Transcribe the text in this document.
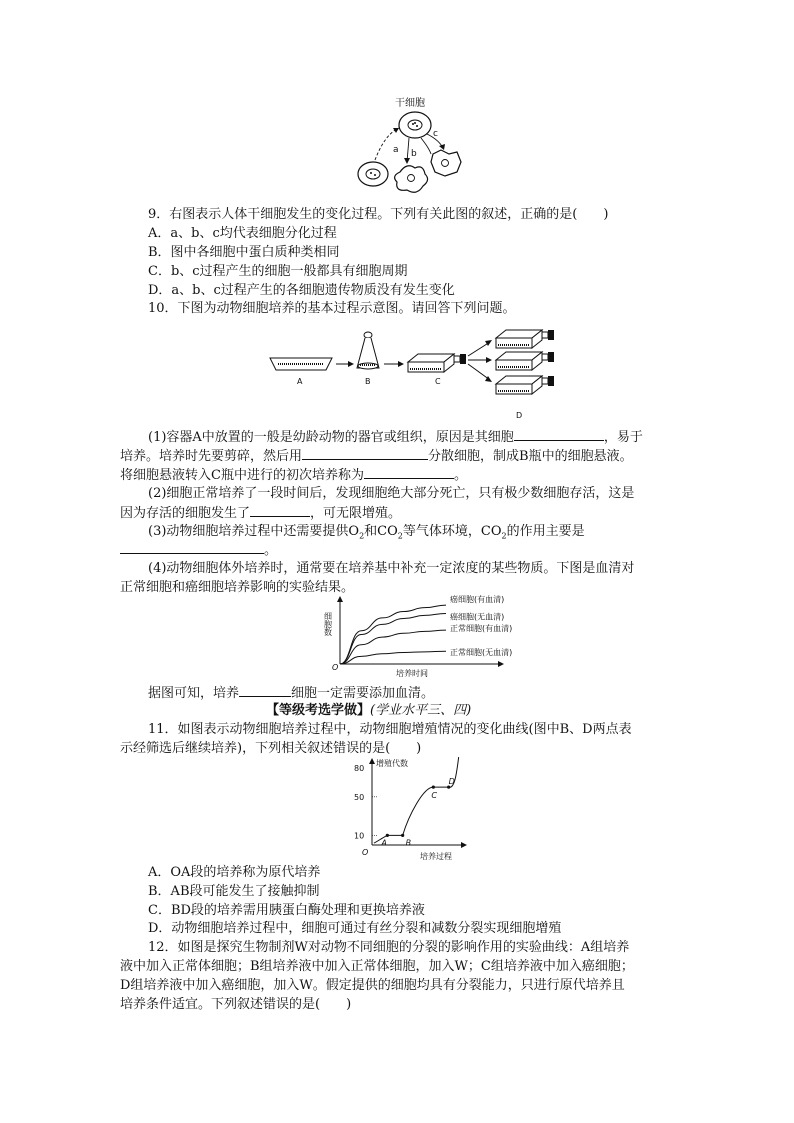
干细胞
a b
c
9．右图表示人体干细胞发生的变化过程。下列有关此图的叙述，正确的是(　　)
A．a、b、c均代表细胞分化过程
B．图中各细胞中蛋白质种类相同
C．b、c过程产生的细胞一般都具有细胞周期
D．a、b、c过程产生的各细胞遗传物质没有发生变化
10．下图为动物细胞培养的基本过程示意图。请回答下列问题。
A	B	C
D
(1)容器A中放置的一般是幼龄动物的器官或组织，原因是其细胞	，易于
培养。培养时先要剪碎，然后用	分散细胞，制成B瓶中的细胞悬液。
将细胞悬液转入C瓶中进行的初次培养称为	。
(2)细胞正常培养了一段时间后，发现细胞绝大部分死亡，只有极少数细胞存活，这是
因为存活的细胞发生了	，可无限增殖。
(3)动物细胞培养过程中还需要提供$O_2$和$CO_2$等气体环境，$CO_2$的作用主要是
。
(4)动物细胞体外培养时，通常要在培养基中补充一定浓度的某些物质。下图是血清对
正常细胞和癌细胞培养影响的实验结果。
细胞数
培养时间
O
癌细胞(有血清)
癌细胞(无血清)
正常细胞(有血清)
正常细胞(无血清)
据图可知，培养	细胞一定需要添加血清。
【等级考选学做】(学业水平三、四)
11．如图表示动物细胞培养过程中，动物细胞增殖情况的变化曲线(图中B、D两点表
示经筛选后继续培养)，下列相关叙述错误的是(　　)
增殖代数
培养过程
O
10
50
80
A B
C
D
A．OA段的培养称为原代培养
B．AB段可能发生了接触抑制
C．BD段的培养需用胰蛋白酶处理和更换培养液
D．动物细胞培养过程中，细胞可通过有丝分裂和减数分裂实现细胞增殖
12．如图是探究生物制剂W对动物不同细胞的分裂的影响作用的实验曲线：A组培养
液中加入正常体细胞；B组培养液中加入正常体细胞，加入W；C组培养液中加入癌细胞；
D组培养液中加入癌细胞，加入W。假定提供的细胞均具有分裂能力，只进行原代培养且
培养条件适宜。下列叙述错误的是(　　)
